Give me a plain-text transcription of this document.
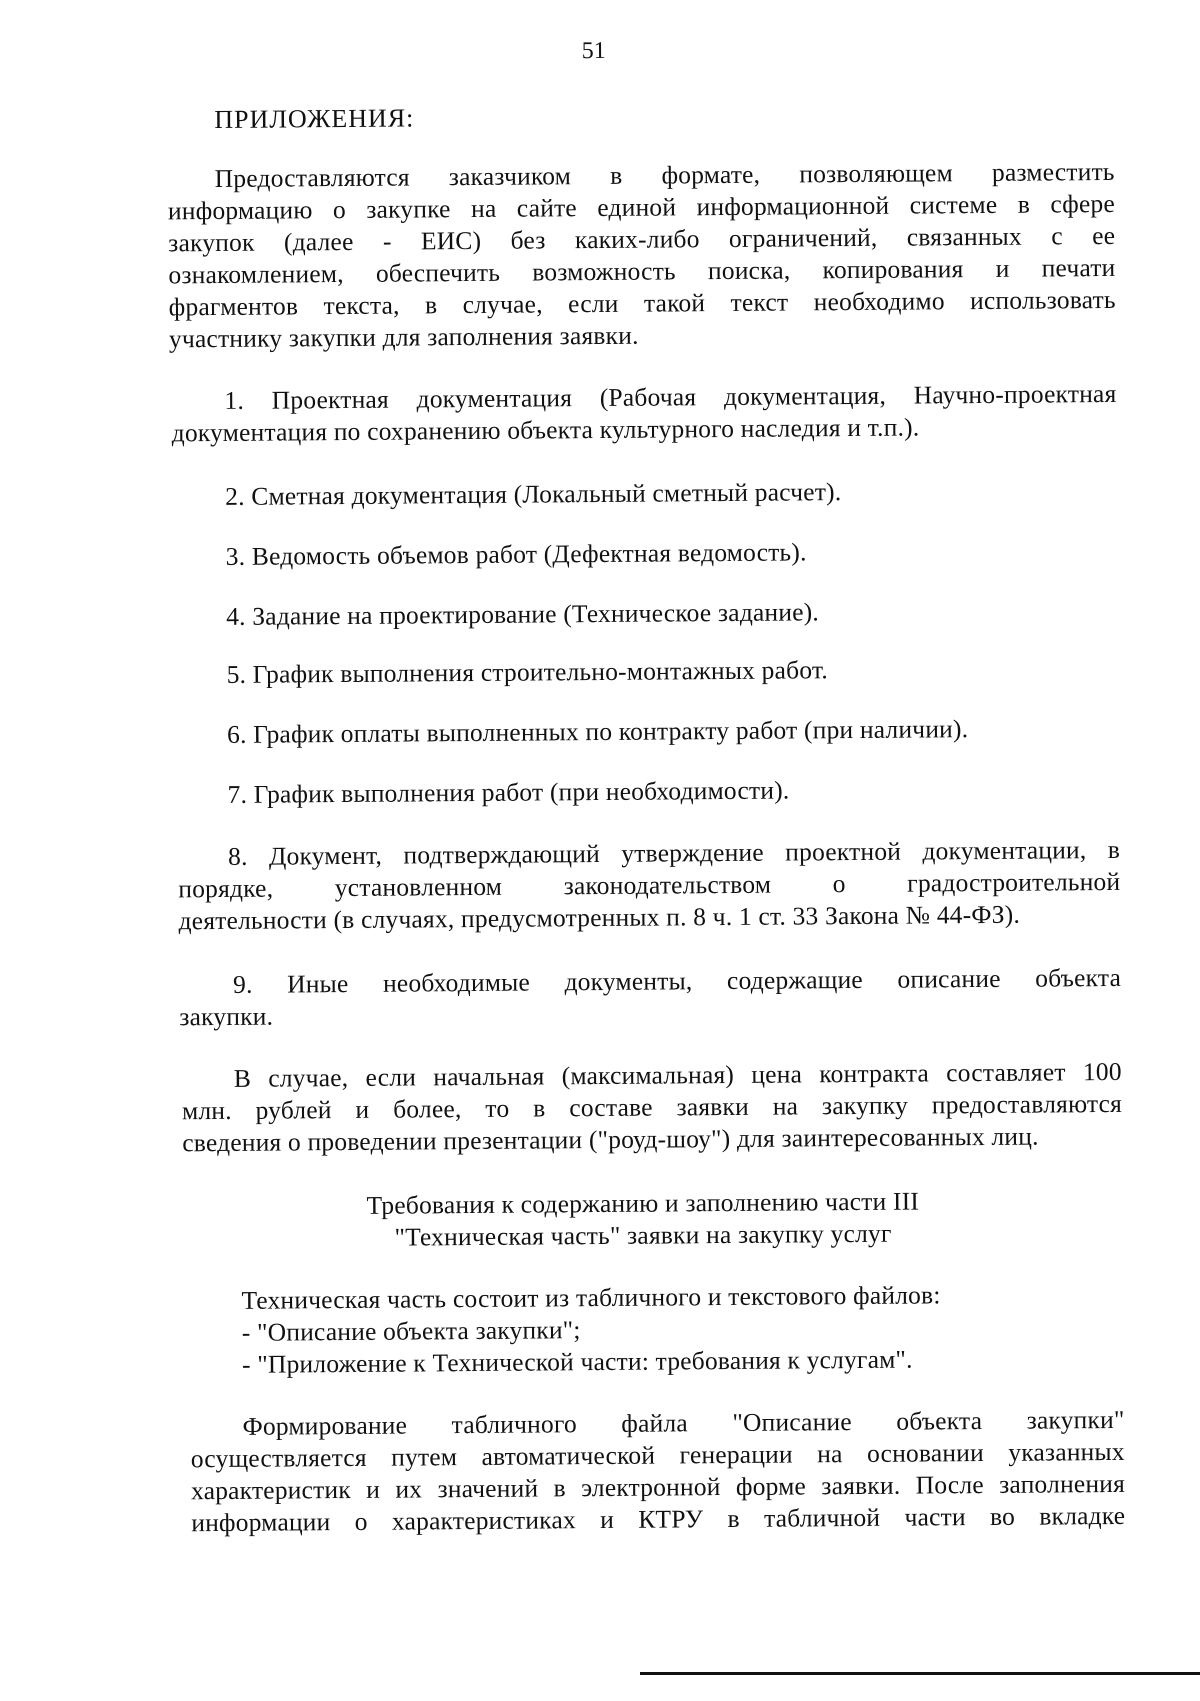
51
ПРИЛОЖЕНИЯ:
Предоставляются заказчиком в формате, позволяющем разместить
информацию о закупке на сайте единой информационной системе в сфере
закупок (далее - ЕИС) без каких-либо ограничений, связанных с ее
ознакомлением, обеспечить возможность поиска, копирования и печати
фрагментов текста, в случае, если такой текст необходимо использовать
участнику закупки для заполнения заявки.
1. Проектная документация (Рабочая документация, Научно-проектная
документация по сохранению объекта культурного наследия и т.п.).
2. Сметная документация (Локальный сметный расчет).
3. Ведомость объемов работ (Дефектная ведомость).
4. Задание на проектирование (Техническое задание).
5. График выполнения строительно-монтажных работ.
6. График оплаты выполненных по контракту работ (при наличии).
7. График выполнения работ (при необходимости).
8. Документ, подтверждающий утверждение проектной документации, в
порядке, установленном законодательством о градостроительной
деятельности (в случаях, предусмотренных п. 8 ч. 1 ст. 33 Закона № 44-ФЗ).
9. Иные необходимые документы, содержащие описание объекта
закупки.
В случае, если начальная (максимальная) цена контракта составляет 100
млн. рублей и более, то в составе заявки на закупку предоставляются
сведения о проведении презентации ("роуд-шоу") для заинтересованных лиц.
Требования к содержанию и заполнению части III
"Техническая часть" заявки на закупку услуг
Техническая часть состоит из табличного и текстового файлов:
- "Описание объекта закупки";
- "Приложение к Технической части: требования к услугам".
Формирование табличного файла "Описание объекта закупки"
осуществляется путем автоматической генерации на основании указанных
характеристик и их значений в электронной форме заявки. После заполнения
информации о характеристиках и КТРУ в табличной части во вкладке
